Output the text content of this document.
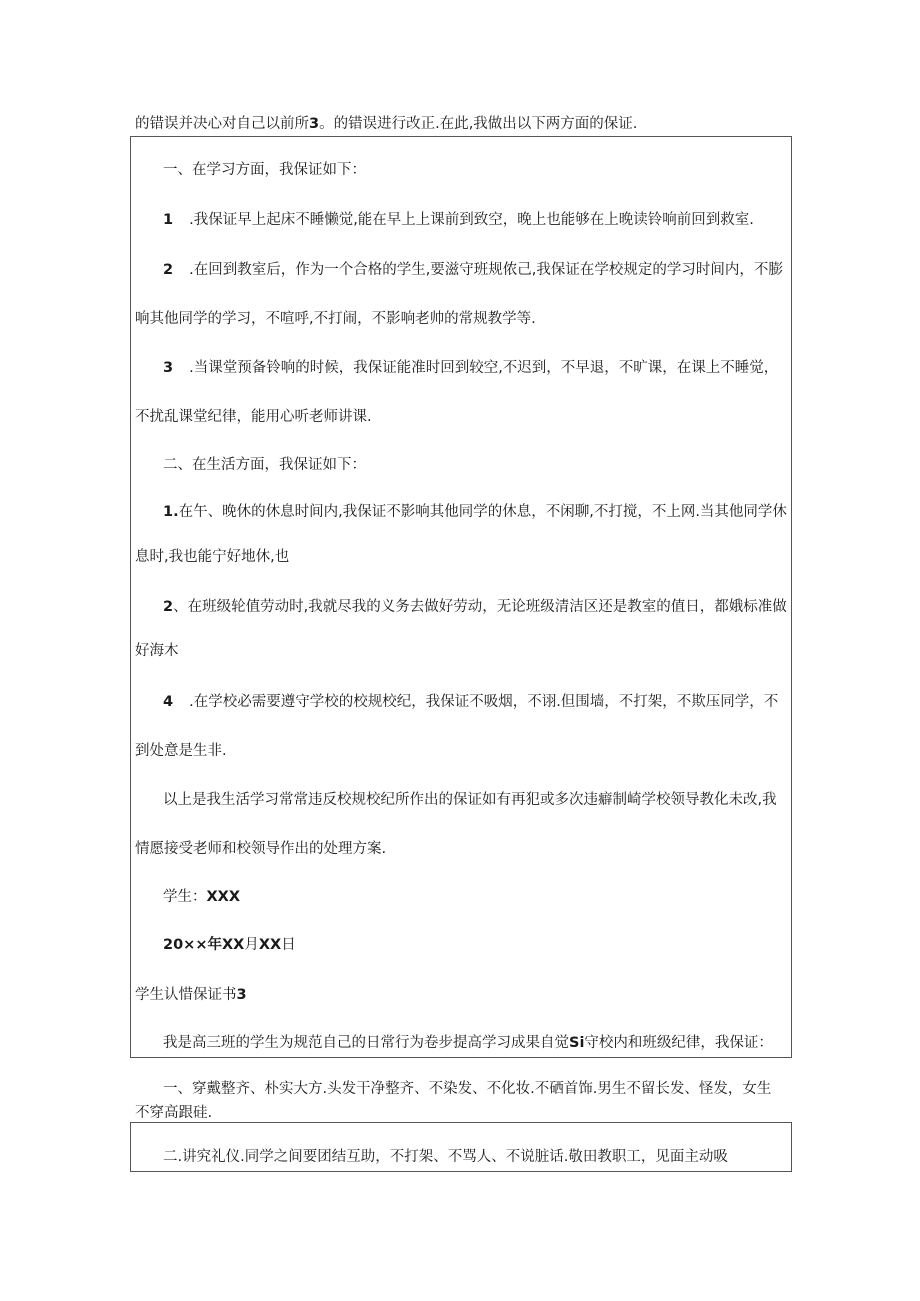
的错误并决心对自己以前所3。的错误进行改正.在此,我做出以下两方面的保证.
一、在学习方面，我保证如下：
1 .我保证早上起床不睡懒觉,能在早上上课前到致空，晚上也能够在上晚读铃响前回到救室.
2 .在回到教室后，作为一个合格的学生,要滋守班规侬己,我保证在学校规定的学习时间内，不膨
响其他同学的学习，不喧呼,不打闹，不影响老帅的常规教学等.
3 .当课堂预备铃响的时候，我保证能准时回到较空,不迟到，不早退，不旷课，在课上不睡觉，
不扰乱课堂纪律，能用心听老师讲课.
二、在生活方面，我保证如下：
1.在午、晚休的休息时间内,我保证不影响其他同学的休息，不闲聊,不打搅，不上网.当其他同学休
息时,我也能宁好地休,也
2、在班级轮值劳动时,我就尽我的义务去做好劳动，无论班级清洁区还是教室的值日，都娥标准做
好海木
4 .在学校必需要遵守学校的校规校纪，我保证不吸烟，不诩.但围墙，不打架，不欺压同学，不
到处意是生非.
以上是我生活学习常常违反校规校纪所作出的保证如有再犯或多次违癖制崎学校领导教化未改,我
情愿接受老师和校领导作出的处理方案.
学生：XXX
20××年XX月XX日
学生认惜保证书3
我是高三班的学生为规范自己的日常行为卷步提高学习成果自觉Si守校内和班级纪律，我保证：
一、穿戴整齐、朴实大方.头发干净整齐、不染发、不化妆.不硒首饰.男生不留长发、怪发，女生
不穿高跟硅.
二.讲究礼仪.同学之间要团结互助，不打架、不骂人、不说脏话.敬田教职工，见面主动吸
